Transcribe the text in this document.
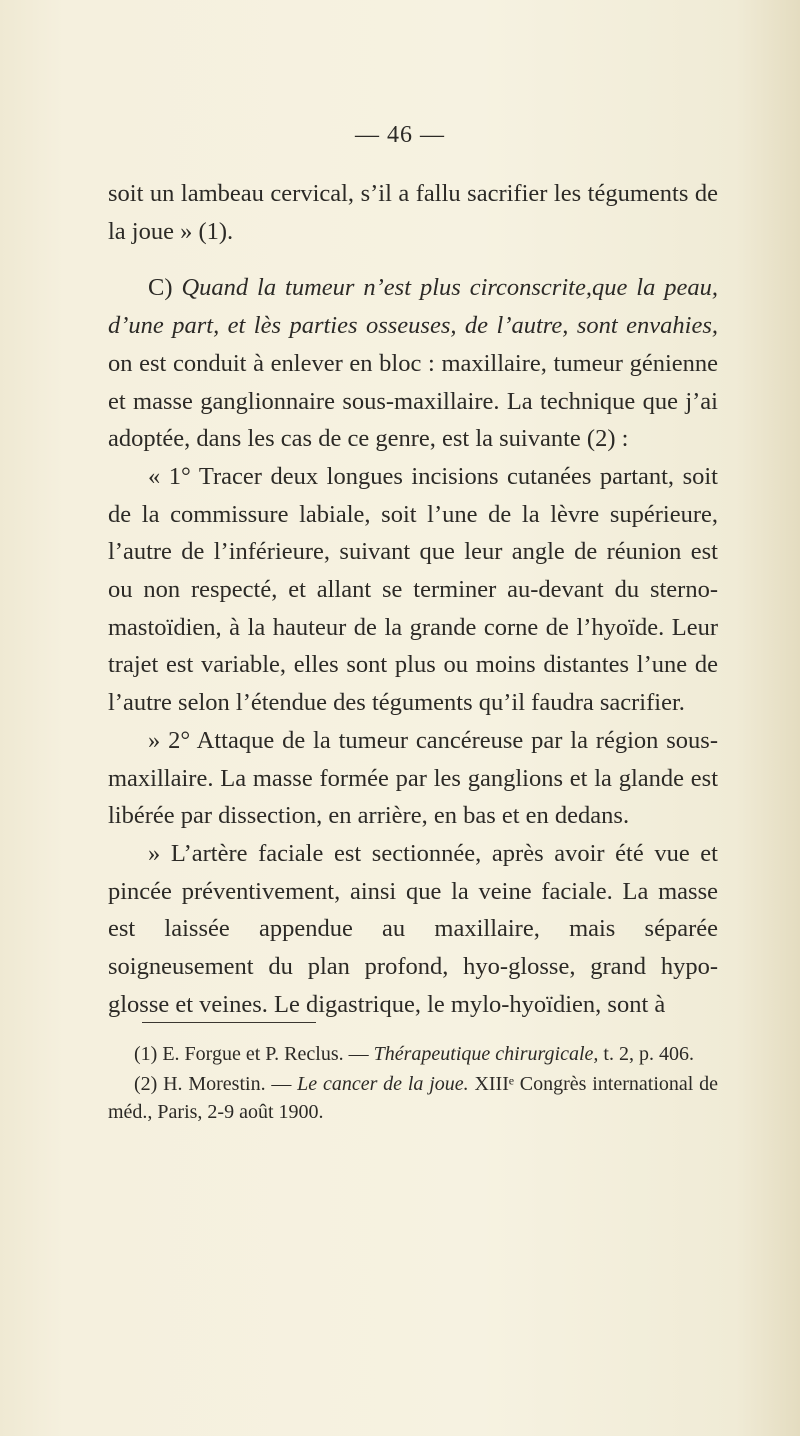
— 46 —

soit un lambeau cervical, s’il a fallu sacrifier les téguments de la joue » (1).

C) Quand la tumeur n’est plus circonscrite,que la peau, d’une part, et lès parties osseuses, de l’autre, sont envahies, on est conduit à enlever en bloc : maxillaire, tumeur génienne et masse ganglionnaire sous-maxillaire. La technique que j’ai adoptée, dans les cas de ce genre, est la suivante (2) :

« 1° Tracer deux longues incisions cutanées partant, soit de la commissure labiale, soit l’une de la lèvre supérieure, l’autre de l’inférieure, suivant que leur angle de réunion est ou non respecté, et allant se terminer au-devant du sterno-mastoïdien, à la hauteur de la grande corne de l’hyoïde. Leur trajet est variable, elles sont plus ou moins distantes l’une de l’autre selon l’étendue des téguments qu’il faudra sacrifier.

» 2° Attaque de la tumeur cancéreuse par la région sous-maxillaire. La masse formée par les ganglions et la glande est libérée par dissection, en arrière, en bas et en dedans.

» L’artère faciale est sectionnée, après avoir été vue et pincée préventivement, ainsi que la veine faciale. La masse est laissée appendue au maxillaire, mais séparée soigneusement du plan profond, hyo-glosse, grand hypoglosse et veines. Le digastrique, le mylo-hyoïdien, sont à

(1) E. Forgue et P. Reclus. — Thérapeutique chirurgicale, t. 2, p. 406.

(2) H. Morestin. — Le cancer de la joue. XIIIᵉ Congrès international de méd., Paris, 2-9 août 1900.
